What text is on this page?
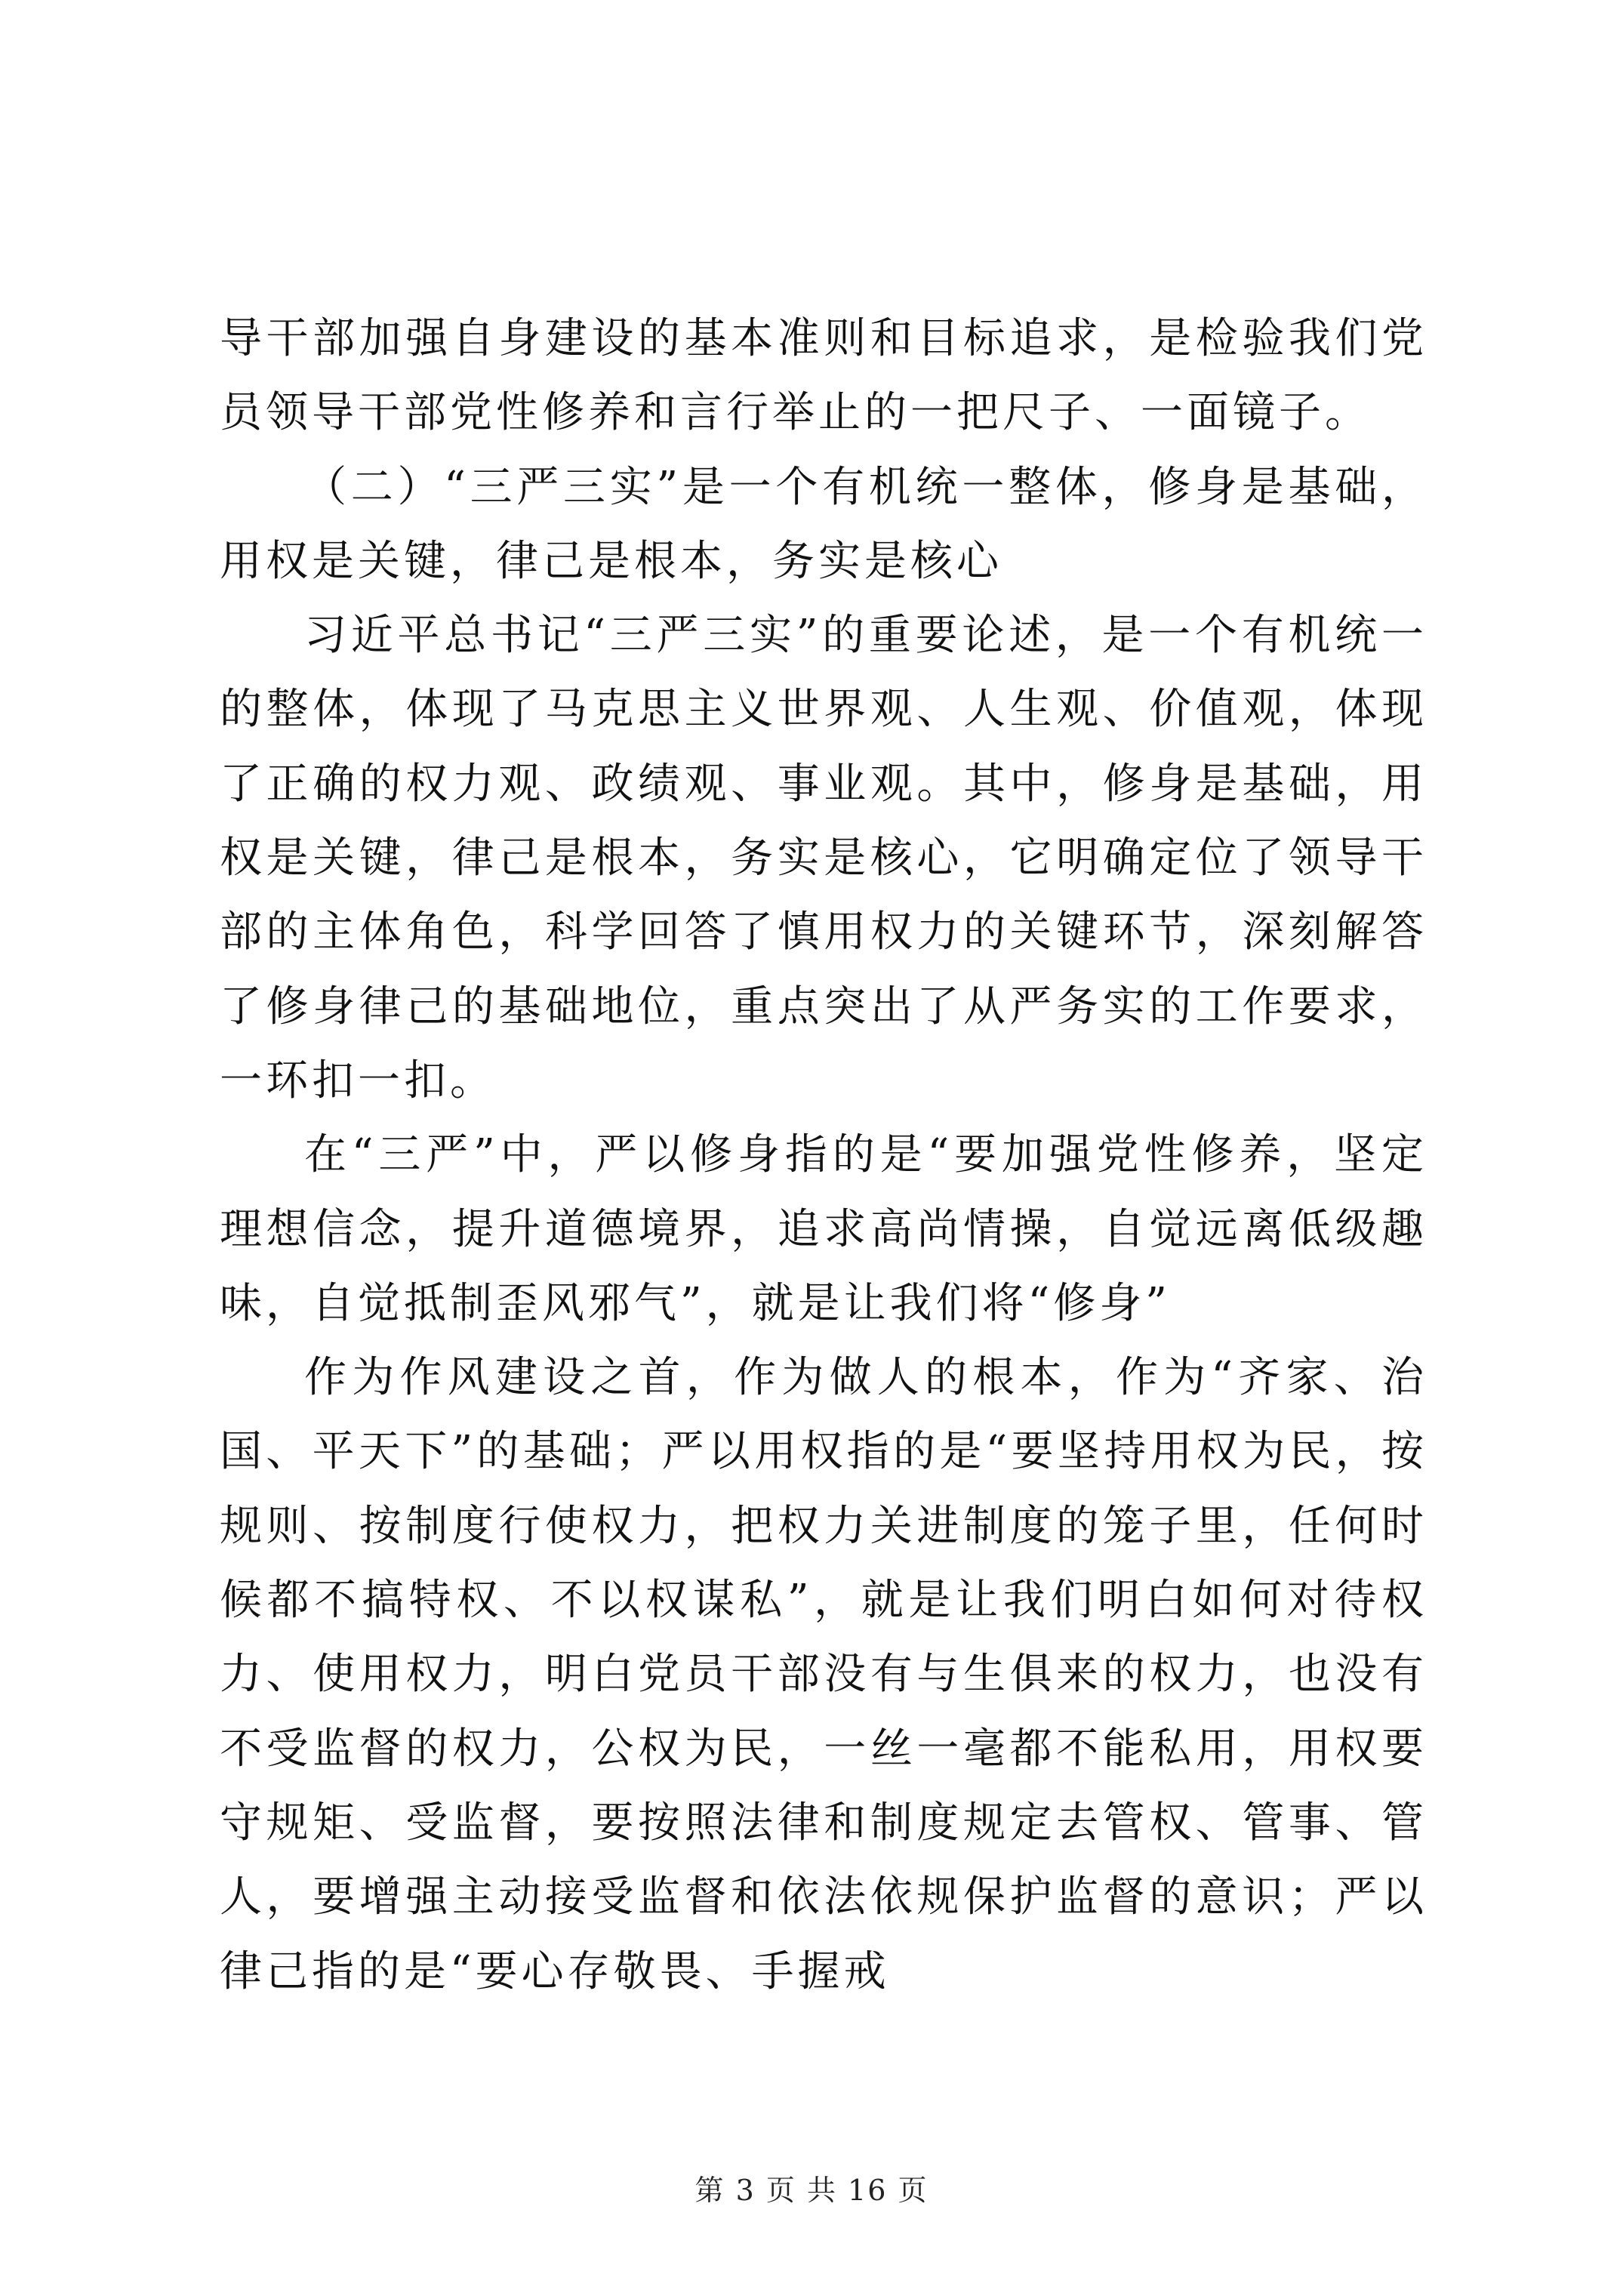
导干部加强自身建设的基本准则和目标追求，是检验我们党员领导干部党性修养和言行举止的一把尺子、一面镜子。

（二）“三严三实”是一个有机统一整体，修身是基础，用权是关键，律己是根本，务实是核心

习近平总书记“三严三实”的重要论述，是一个有机统一的整体，体现了马克思主义世界观、人生观、价值观，体现了正确的权力观、政绩观、事业观。其中，修身是基础，用权是关键，律己是根本，务实是核心，它明确定位了领导干部的主体角色，科学回答了慎用权力的关键环节，深刻解答了修身律己的基础地位，重点突出了从严务实的工作要求，一环扣一扣。

在“三严”中，严以修身指的是“要加强党性修养，坚定理想信念，提升道德境界，追求高尚情操，自觉远离低级趣味，自觉抵制歪风邪气”，就是让我们将“修身”

作为作风建设之首，作为做人的根本，作为“齐家、治国、平天下”的基础；严以用权指的是“要坚持用权为民，按规则、按制度行使权力，把权力关进制度的笼子里，任何时候都不搞特权、不以权谋私”，就是让我们明白如何对待权力、使用权力，明白党员干部没有与生俱来的权力，也没有不受监督的权力，公权为民，一丝一毫都不能私用，用权要守规矩、受监督，要按照法律和制度规定去管权、管事、管人，要增强主动接受监督和依法依规保护监督的意识；严以律己指的是“要心存敬畏、手握戒

第 3 页 共 16 页
